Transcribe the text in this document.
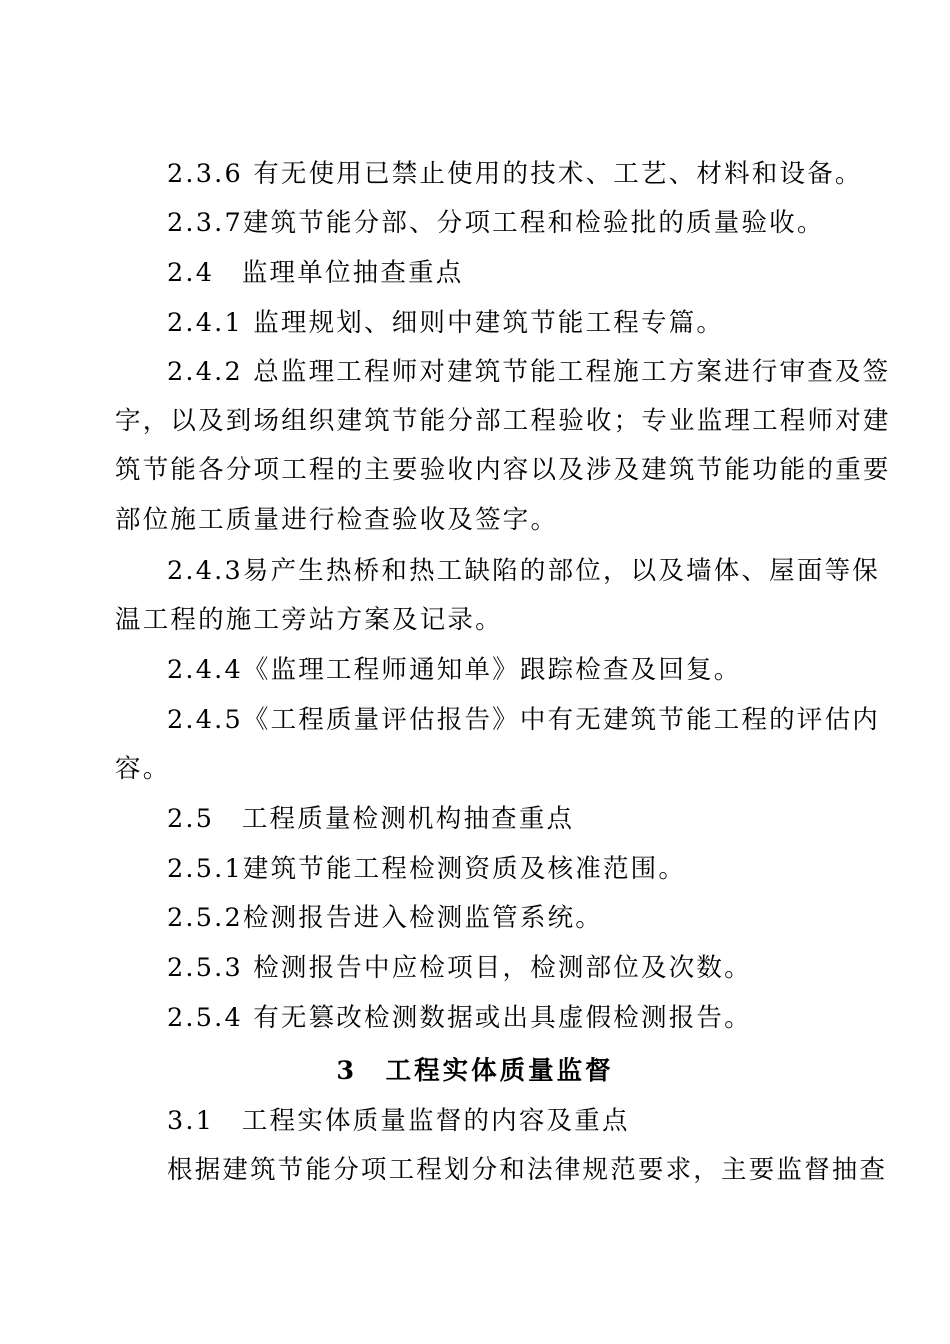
2.3.6 有无使用已禁止使用的技术、工艺、材料和设备。
2.3.7建筑节能分部、分项工程和检验批的质量验收。
2.4　监理单位抽查重点
2.4.1 监理规划、细则中建筑节能工程专篇。
2.4.2 总监理工程师对建筑节能工程施工方案进行审查及签
字，以及到场组织建筑节能分部工程验收；专业监理工程师对建
筑节能各分项工程的主要验收内容以及涉及建筑节能功能的重要
部位施工质量进行检查验收及签字。
2.4.3易产生热桥和热工缺陷的部位，以及墙体、屋面等保
温工程的施工旁站方案及记录。
2.4.4《监理工程师通知单》跟踪检查及回复。
2.4.5《工程质量评估报告》中有无建筑节能工程的评估内
容。
2.5　工程质量检测机构抽查重点
2.5.1建筑节能工程检测资质及核准范围。
2.5.2检测报告进入检测监管系统。
2.5.3 检测报告中应检项目，检测部位及次数。
2.5.4 有无篡改检测数据或出具虚假检测报告。
3　工程实体质量监督
3.1　工程实体质量监督的内容及重点
根据建筑节能分项工程划分和法律规范要求，主要监督抽查
